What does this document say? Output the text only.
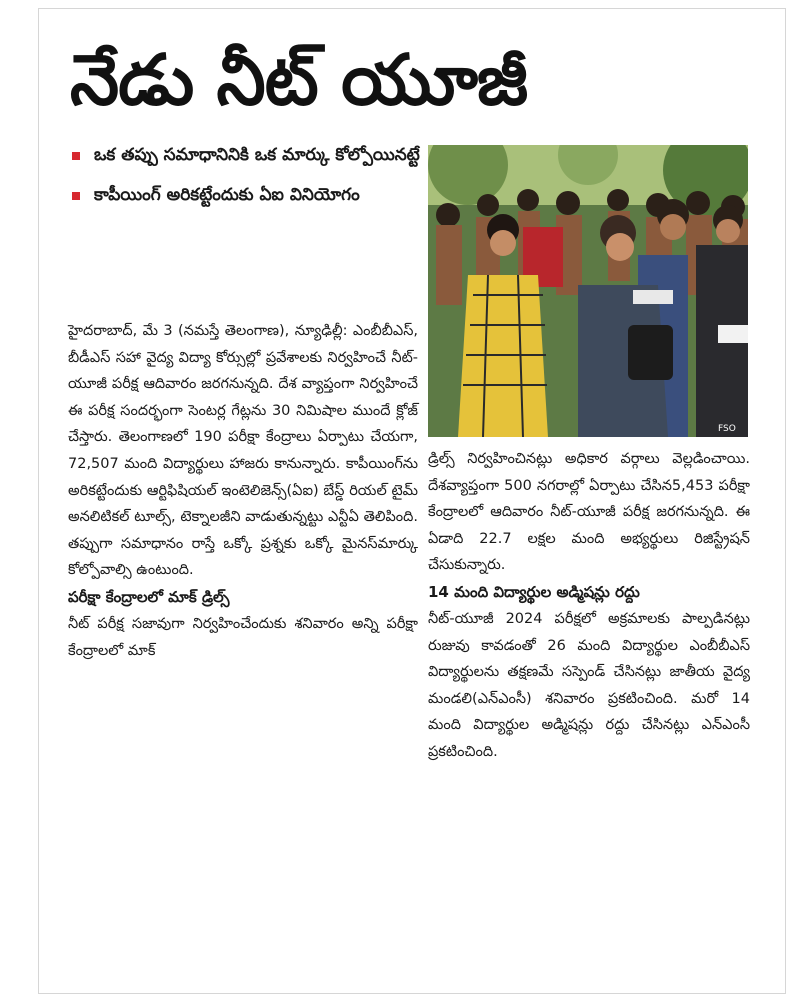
నేడు నీట్‌ యూజీ
ఒక తప్పు సమాధానినికి ఒక మార్కు కోల్పోయినట్టే
కాపీయింగ్‌ అరికట్టేందుకు ఏఐ వినియోగం
FSO

హైదరాబాద్‌, మే 3 (నమస్తే తెలంగాణ), న్యూఢిల్లీ: ఎంబీబీఎస్‌, బీడీఎస్‌ సహా వైద్య విద్యా కోర్సుల్లో ప్రవేశాలకు నిర్వహించే నీట్‌-యూజీ పరీక్ష ఆదివారం జరగనున్నది. దేశ వ్యాప్తంగా నిర్వహించే ఈ పరీక్ష సందర్భంగా సెంటర్ల గేట్లను 30 నిమిషాల ముందే క్లోజ్‌ చేస్తారు. తెలంగాణలో 190 పరీక్షా కేంద్రాలు ఏర్పాటు చేయగా, 72,507 మంది విద్యార్థులు హాజరు కానున్నారు. కాపీయింగ్‌ను అరికట్టేందుకు ఆర్టిఫిషియల్‌ ఇంటెలిజెన్స్‌(ఏఐ) బేస్డ్‌ రియల్‌ టైమ్‌ అనలిటికల్‌ టూల్స్‌, టెక్నాలజీని వాడుతున్నట్టు ఎన్టీఏ తెలిపింది. తప్పుగా సమాధానం రాస్తే ఒక్కో ప్రశ్నకు ఒక్కో మైనస్‌మార్కు కోల్పోవాల్సి ఉంటుంది.

పరీక్షా కేంద్రాలలో మాక్‌ డ్రిల్స్‌

నీట్‌ పరీక్ష సజావుగా నిర్వహించేందుకు శనివారం అన్ని పరీక్షా కేంద్రాలలో మాక్‌

డ్రిల్స్‌ నిర్వహించినట్లు అధికార వర్గాలు వెల్లడించాయి. దేశవ్యాప్తంగా 500 నగరాల్లో ఏర్పాటు చేసిన5,453 పరీక్షా కేంద్రాలలో ఆదివారం నీట్‌-యూజీ పరీక్ష జరగనున్నది. ఈ ఏడాది 22.7 లక్షల మంది అభ్యర్థులు రిజిస్ట్రేషన్‌ చేసుకున్నారు.

14 మంది విద్యార్థుల అడ్మిషన్లు రద్దు

నీట్‌-యూజీ 2024 పరీక్షలో అక్రమాలకు పాల్పడినట్లు రుజువు కావడంతో 26 మంది విద్యార్థుల ఎంబీబీఎస్‌ విద్యార్థులను తక్షణమే సస్పెండ్‌ చేసినట్లు జాతీయ వైద్య మండలి(ఎన్‌ఎంసీ) శనివారం ప్రకటించింది. మరో 14 మంది విద్యార్థుల అడ్మిషన్లు రద్దు చేసినట్లు ఎన్‌ఎంసీ ప్రకటించింది.
